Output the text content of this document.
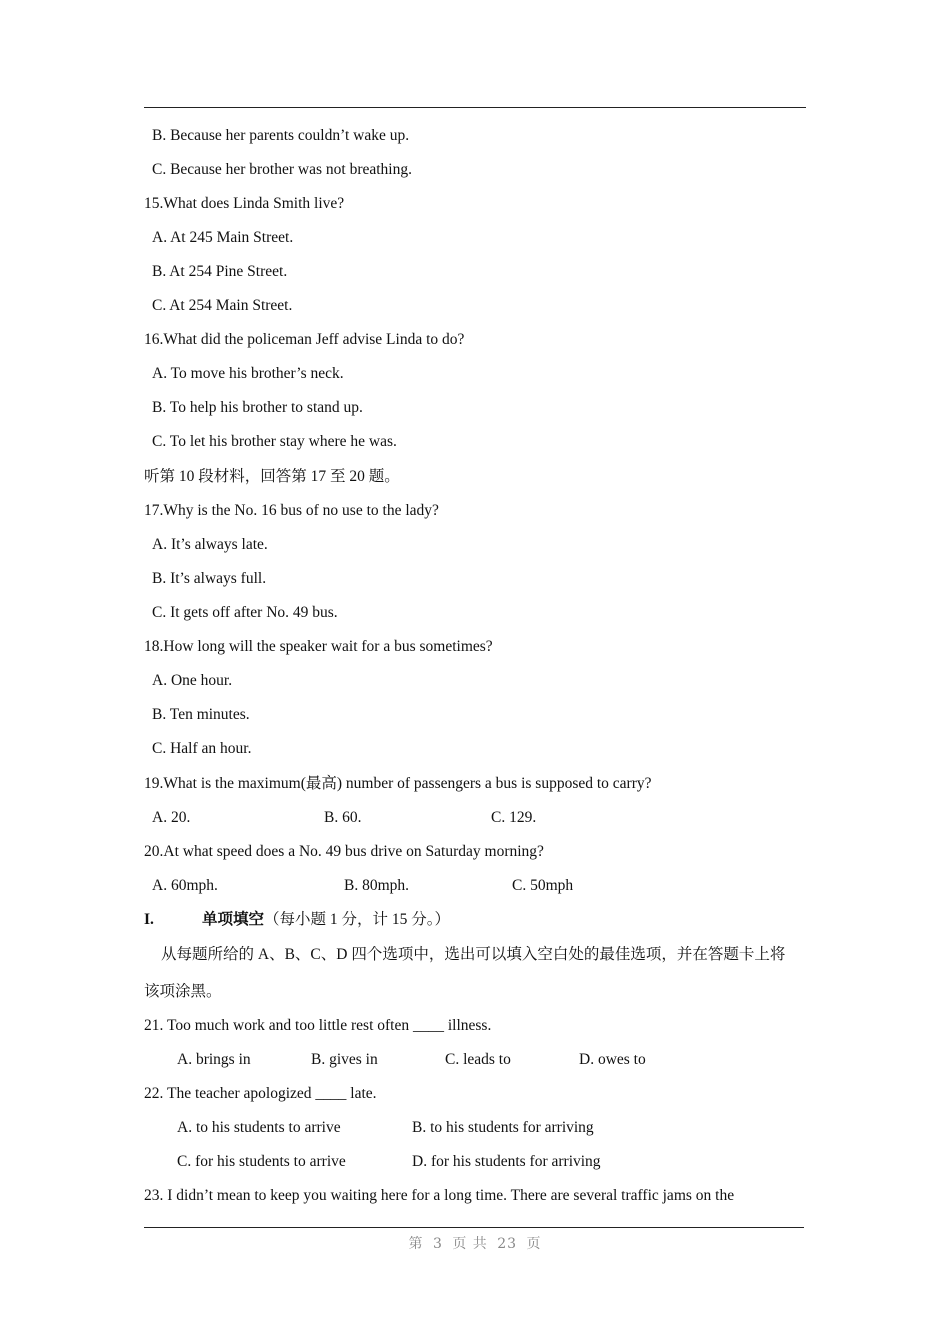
B. Because her parents couldn’t wake up.
C. Because her brother was not breathing.
15.What does Linda Smith live?
A. At 245 Main Street.
B. At 254 Pine Street.
C. At 254 Main Street.
16.What did the policeman Jeff advise Linda to do?
A. To move his brother’s neck.
B. To help his brother to stand up.
C. To let his brother stay where he was.
听第 10 段材料，回答第 17 至 20 题。
17.Why is the No. 16 bus of no use to the lady?
A. It’s always late.
B. It’s always full.
C. It gets off after No. 49 bus.
18.How long will the speaker wait for a bus sometimes?
A. One hour.
B. Ten minutes.
C. Half an hour.
19.What is the maximum(最高) number of passengers a bus is supposed to carry?
A. 20.	B. 60.	C. 129.
20.At what speed does a No. 49 bus drive on Saturday morning?
A. 60mph.	B. 80mph.	C. 50mph
I.	单项填空（每小题 1 分，计 15 分。）
从每题所给的 A、B、C、D 四个选项中，选出可以填入空白处的最佳选项，并在答题卡上将
该项涂黑。
21. Too much work and too little rest often ____ illness.
A. brings in	B. gives in	C. leads to	D. owes to
22. The teacher apologized ____ late.
A. to his students to arrive	B. to his students for arriving
C. for his students to arrive	D. for his students for arriving
23. I didn’t mean to keep you waiting here for a long time. There are several traffic jams on the
第 3 页 共 23 页
